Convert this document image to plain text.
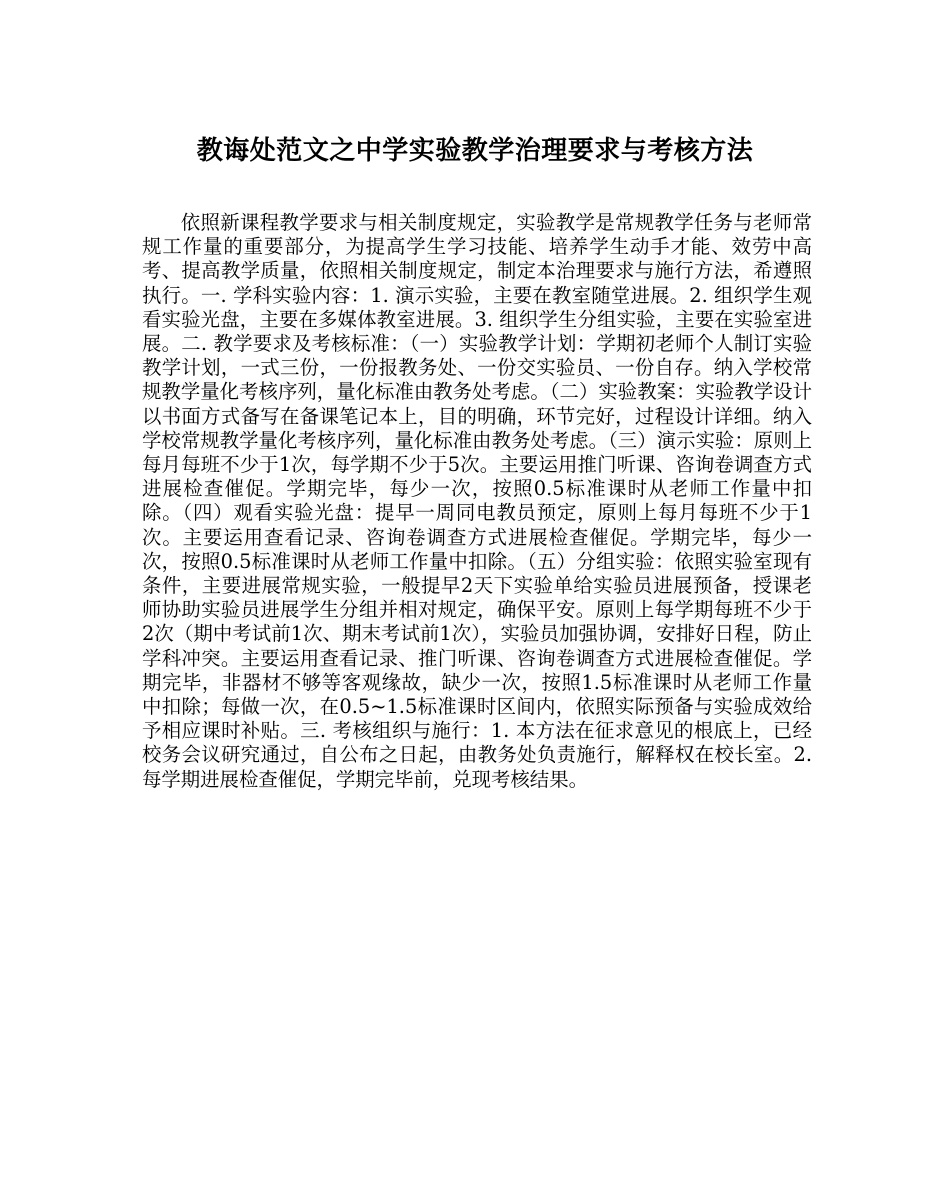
教诲处范文之中学实验教学治理要求与考核方法

依照新课程教学要求与相关制度规定，实验教学是常规教学任务与老师常规工作量的重要部分，为提高学生学习技能、培养学生动手才能、效劳中高考、提高教学质量，依照相关制度规定，制定本治理要求与施行方法，希遵照执行。一. 学科实验内容：1. 演示实验，主要在教室随堂进展。2. 组织学生观看实验光盘，主要在多媒体教室进展。3. 组织学生分组实验，主要在实验室进展。二. 教学要求及考核标准：（一）实验教学计划：学期初老师个人制订实验教学计划，一式三份，一份报教务处、一份交实验员、一份自存。纳入学校常规教学量化考核序列，量化标准由教务处考虑。（二）实验教案：实验教学设计以书面方式备写在备课笔记本上，目的明确，环节完好，过程设计详细。纳入学校常规教学量化考核序列，量化标准由教务处考虑。（三）演示实验：原则上每月每班不少于1次，每学期不少于5次。主要运用推门听课、咨询卷调查方式进展检查催促。学期完毕，每少一次，按照0.5标准课时从老师工作量中扣除。（四）观看实验光盘：提早一周同电教员预定，原则上每月每班不少于1次。主要运用查看记录、咨询卷调查方式进展检查催促。学期完毕，每少一次，按照0.5标准课时从老师工作量中扣除。（五）分组实验：依照实验室现有条件，主要进展常规实验，一般提早2天下实验单给实验员进展预备，授课老师协助实验员进展学生分组并相对规定，确保平安。原则上每学期每班不少于2次（期中考试前1次、期末考试前1次），实验员加强协调，安排好日程，防止学科冲突。主要运用查看记录、推门听课、咨询卷调查方式进展检查催促。学期完毕，非器材不够等客观缘故，缺少一次，按照1.5标准课时从老师工作量中扣除；每做一次，在0.5~1.5标准课时区间内，依照实际预备与实验成效给予相应课时补贴。三. 考核组织与施行：1. 本方法在征求意见的根底上，已经校务会议研究通过，自公布之日起，由教务处负责施行，解释权在校长室。2. 每学期进展检查催促，学期完毕前，兑现考核结果。
